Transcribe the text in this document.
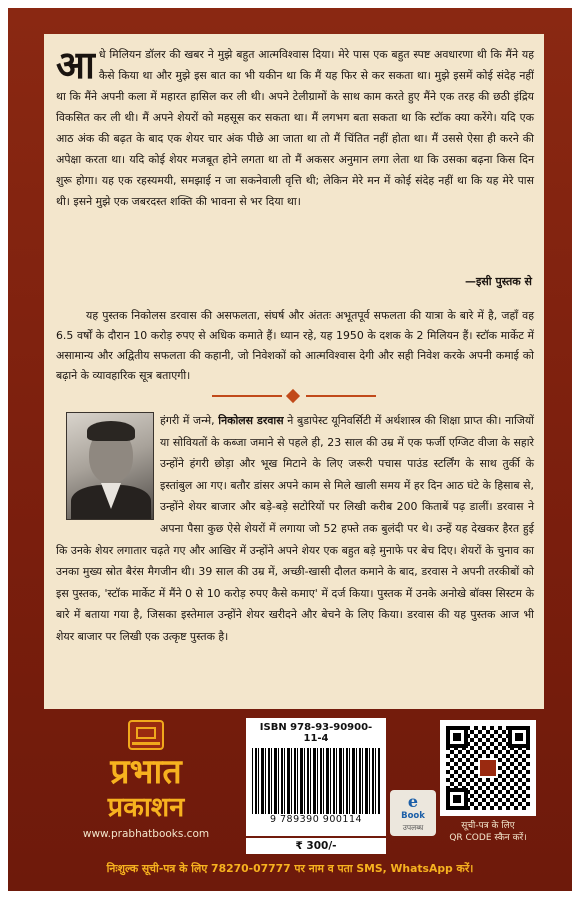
आधे मिलियन डॉलर की खबर ने मुझे बहुत आत्मविश्वास दिया। मेरे पास एक बहुत स्पष्ट अवधारणा थी कि मैंने यह कैसे किया था और मुझे इस बात का भी यकीन था कि मैं यह फिर से कर सकता था। मुझे इसमें कोई संदेह नहीं था कि मैंने अपनी कला में महारत हासिल कर ली थी। अपने टेलीग्रामों के साथ काम करते हुए मैंने एक तरह की छठी इंद्रिय विकसित कर ली थी। मैं अपने शेयरों को महसूस कर सकता था। मैं लगभग बता सकता था कि स्टॉक क्या करेंगे। यदि एक आठ अंक की बढ़त के बाद एक शेयर चार अंक पीछे आ जाता था तो मैं चिंतित नहीं होता था। मैं उससे ऐसा ही करने की अपेक्षा करता था। यदि कोई शेयर मजबूत होने लगता था तो मैं अकसर अनुमान लगा लेता था कि उसका बढ़ना किस दिन शुरू होगा। यह एक रहस्यमयी, समझाई न जा सकनेवाली वृत्ति थी; लेकिन मेरे मन में कोई संदेह नहीं था कि यह मेरे पास थी। इसने मुझे एक जबरदस्त शक्ति की भावना से भर दिया था।
—इसी पुस्तक से
यह पुस्तक निकोलस डरवास की असफलता, संघर्ष और अंततः अभूतपूर्व सफलता की यात्रा के बारे में है, जहाँ वह 6.5 वर्षों के दौरान 10 करोड़ रुपए से अधिक कमाते हैं। ध्यान रहे, यह 1950 के दशक के 2 मिलियन हैं। स्टॉक मार्केट में असामान्य और अद्वितीय सफलता की कहानी, जो निवेशकों को आत्मविश्वास देगी और सही निवेश करके अपनी कमाई को बढ़ाने के व्यावहारिक सूत्र बताएगी।
हंगरी में जन्मे, निकोलस डरवास ने बुडापेस्ट यूनिवर्सिटी में अर्थशास्त्र की शिक्षा प्राप्त की। नाजियों या सोवियतों के कब्जा जमाने से पहले ही, 23 साल की उम्र में एक फर्जी एग्जिट वीजा के सहारे उन्होंने हंगरी छोड़ा और भूख मिटाने के लिए जरूरी पचास पाउंड स्टर्लिंग के साथ तुर्की के इस्तांबुल आ गए। बतौर डांसर अपने काम से मिले खाली समय में हर दिन आठ घंटे के हिसाब से, उन्होंने शेयर बाजार और बड़े-बड़े सटोरियों पर लिखी करीब 200 किताबें पढ़ डालीं। डरवास ने अपना पैसा कुछ ऐसे शेयरों में लगाया जो 52 हफ्ते तक बुलंदी पर थे। उन्हें यह देखकर हैरत हुई कि उनके शेयर लगातार चढ़ते गए और आखिर में उन्होंने अपने शेयर एक बहुत बड़े मुनाफे पर बेच दिए। शेयरों के चुनाव का उनका मुख्य स्रोत बैरंस मैगजीन थी। 39 साल की उम्र में, अच्छी-खासी दौलत कमाने के बाद, डरवास ने अपनी तरकीबों को इस पुस्तक, 'स्टॉक मार्केट में मैंने 0 से 10 करोड़ रुपए कैसे कमाए' में दर्ज किया। पुस्तक में उनके अनोखे बॉक्स सिस्टम के बारे में बताया गया है, जिसका इस्तेमाल उन्होंने शेयर खरीदने और बेचने के लिए किया। डरवास की यह पुस्तक आज भी शेयर बाजार पर लिखी एक उत्कृष्ट पुस्तक है।
प्रभात
प्रकाशन
www.prabhatbooks.com
ISBN 978-93-90900-11-4
9 789390 900114
₹ 300/-
e
Book
उपलब्ध	सूची-पत्र के लिए
QR CODE स्कैन करें।
निःशुल्क सूची-पत्र के लिए 78270-07777 पर नाम व पता SMS, WhatsApp करें।
